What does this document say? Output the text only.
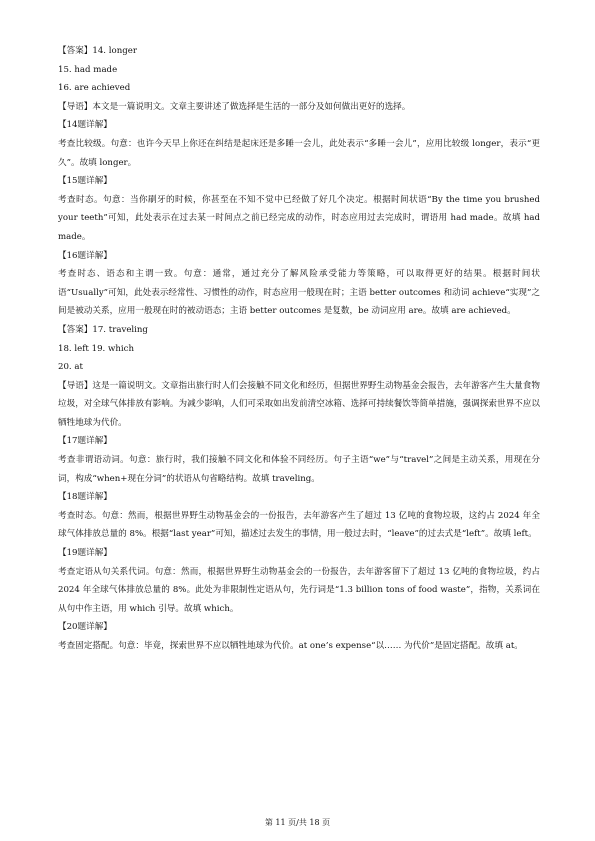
【答案】14. longer
15. had made
16. are achieved
【导语】本文是一篇说明文。文章主要讲述了做选择是生活的一部分及如何做出更好的选择。
【14题详解】
考查比较级。句意：也许今天早上你还在纠结是起床还是多睡一会儿，此处表示“多睡一会儿”，应用比较级 longer，表示“更久”。故填 longer。
【15题详解】
考查时态。句意：当你刷牙的时候，你甚至在不知不觉中已经做了好几个决定。根据时间状语“By the time you brushed your teeth”可知，此处表示在过去某一时间点之前已经完成的动作，时态应用过去完成时，谓语用 had made。故填 had made。
【16题详解】
考查时态、语态和主谓一致。句意：通常，通过充分了解风险承受能力等策略，可以取得更好的结果。根据时间状语“Usually”可知，此处表示经常性、习惯性的动作，时态应用一般现在时；主语 better outcomes 和动词 achieve“实现”之间是被动关系，应用一般现在时的被动语态；主语 better outcomes 是复数，be 动词应用 are。故填 are achieved。
【答案】17. traveling
18. left 19. which
20. at
【导语】这是一篇说明文。文章指出旅行时人们会接触不同文化和经历，但据世界野生动物基金会报告，去年游客产生大量食物垃圾，对全球气体排放有影响。为减少影响，人们可采取如出发前清空冰箱、选择可持续餐饮等简单措施，强调探索世界不应以牺牲地球为代价。
【17题详解】
考查非谓语动词。句意：旅行时，我们接触不同文化和体验不同经历。句子主语“we”与“travel”之间是主动关系，用现在分词，构成“when+现在分词”的状语从句省略结构。故填 traveling。
【18题详解】
考查时态。句意：然而，根据世界野生动物基金会的一份报告，去年游客产生了超过 13 亿吨的食物垃圾，这约占 2024 年全球气体排放总量的 8%。根据“last year”可知，描述过去发生的事情，用一般过去时，“leave”的过去式是“left”。故填 left。
【19题详解】
考查定语从句关系代词。句意：然而，根据世界野生动物基金会的一份报告，去年游客留下了超过 13 亿吨的食物垃圾，约占 2024 年全球气体排放总量的 8%。此处为非限制性定语从句，先行词是“1.3 billion tons of food waste”，指物，关系词在从句中作主语，用 which 引导。故填 which。
【20题详解】
考查固定搭配。句意：毕竟，探索世界不应以牺牲地球为代价。at one’s expense“以…… 为代价”是固定搭配。故填 at。
第 11 页/共 18 页
